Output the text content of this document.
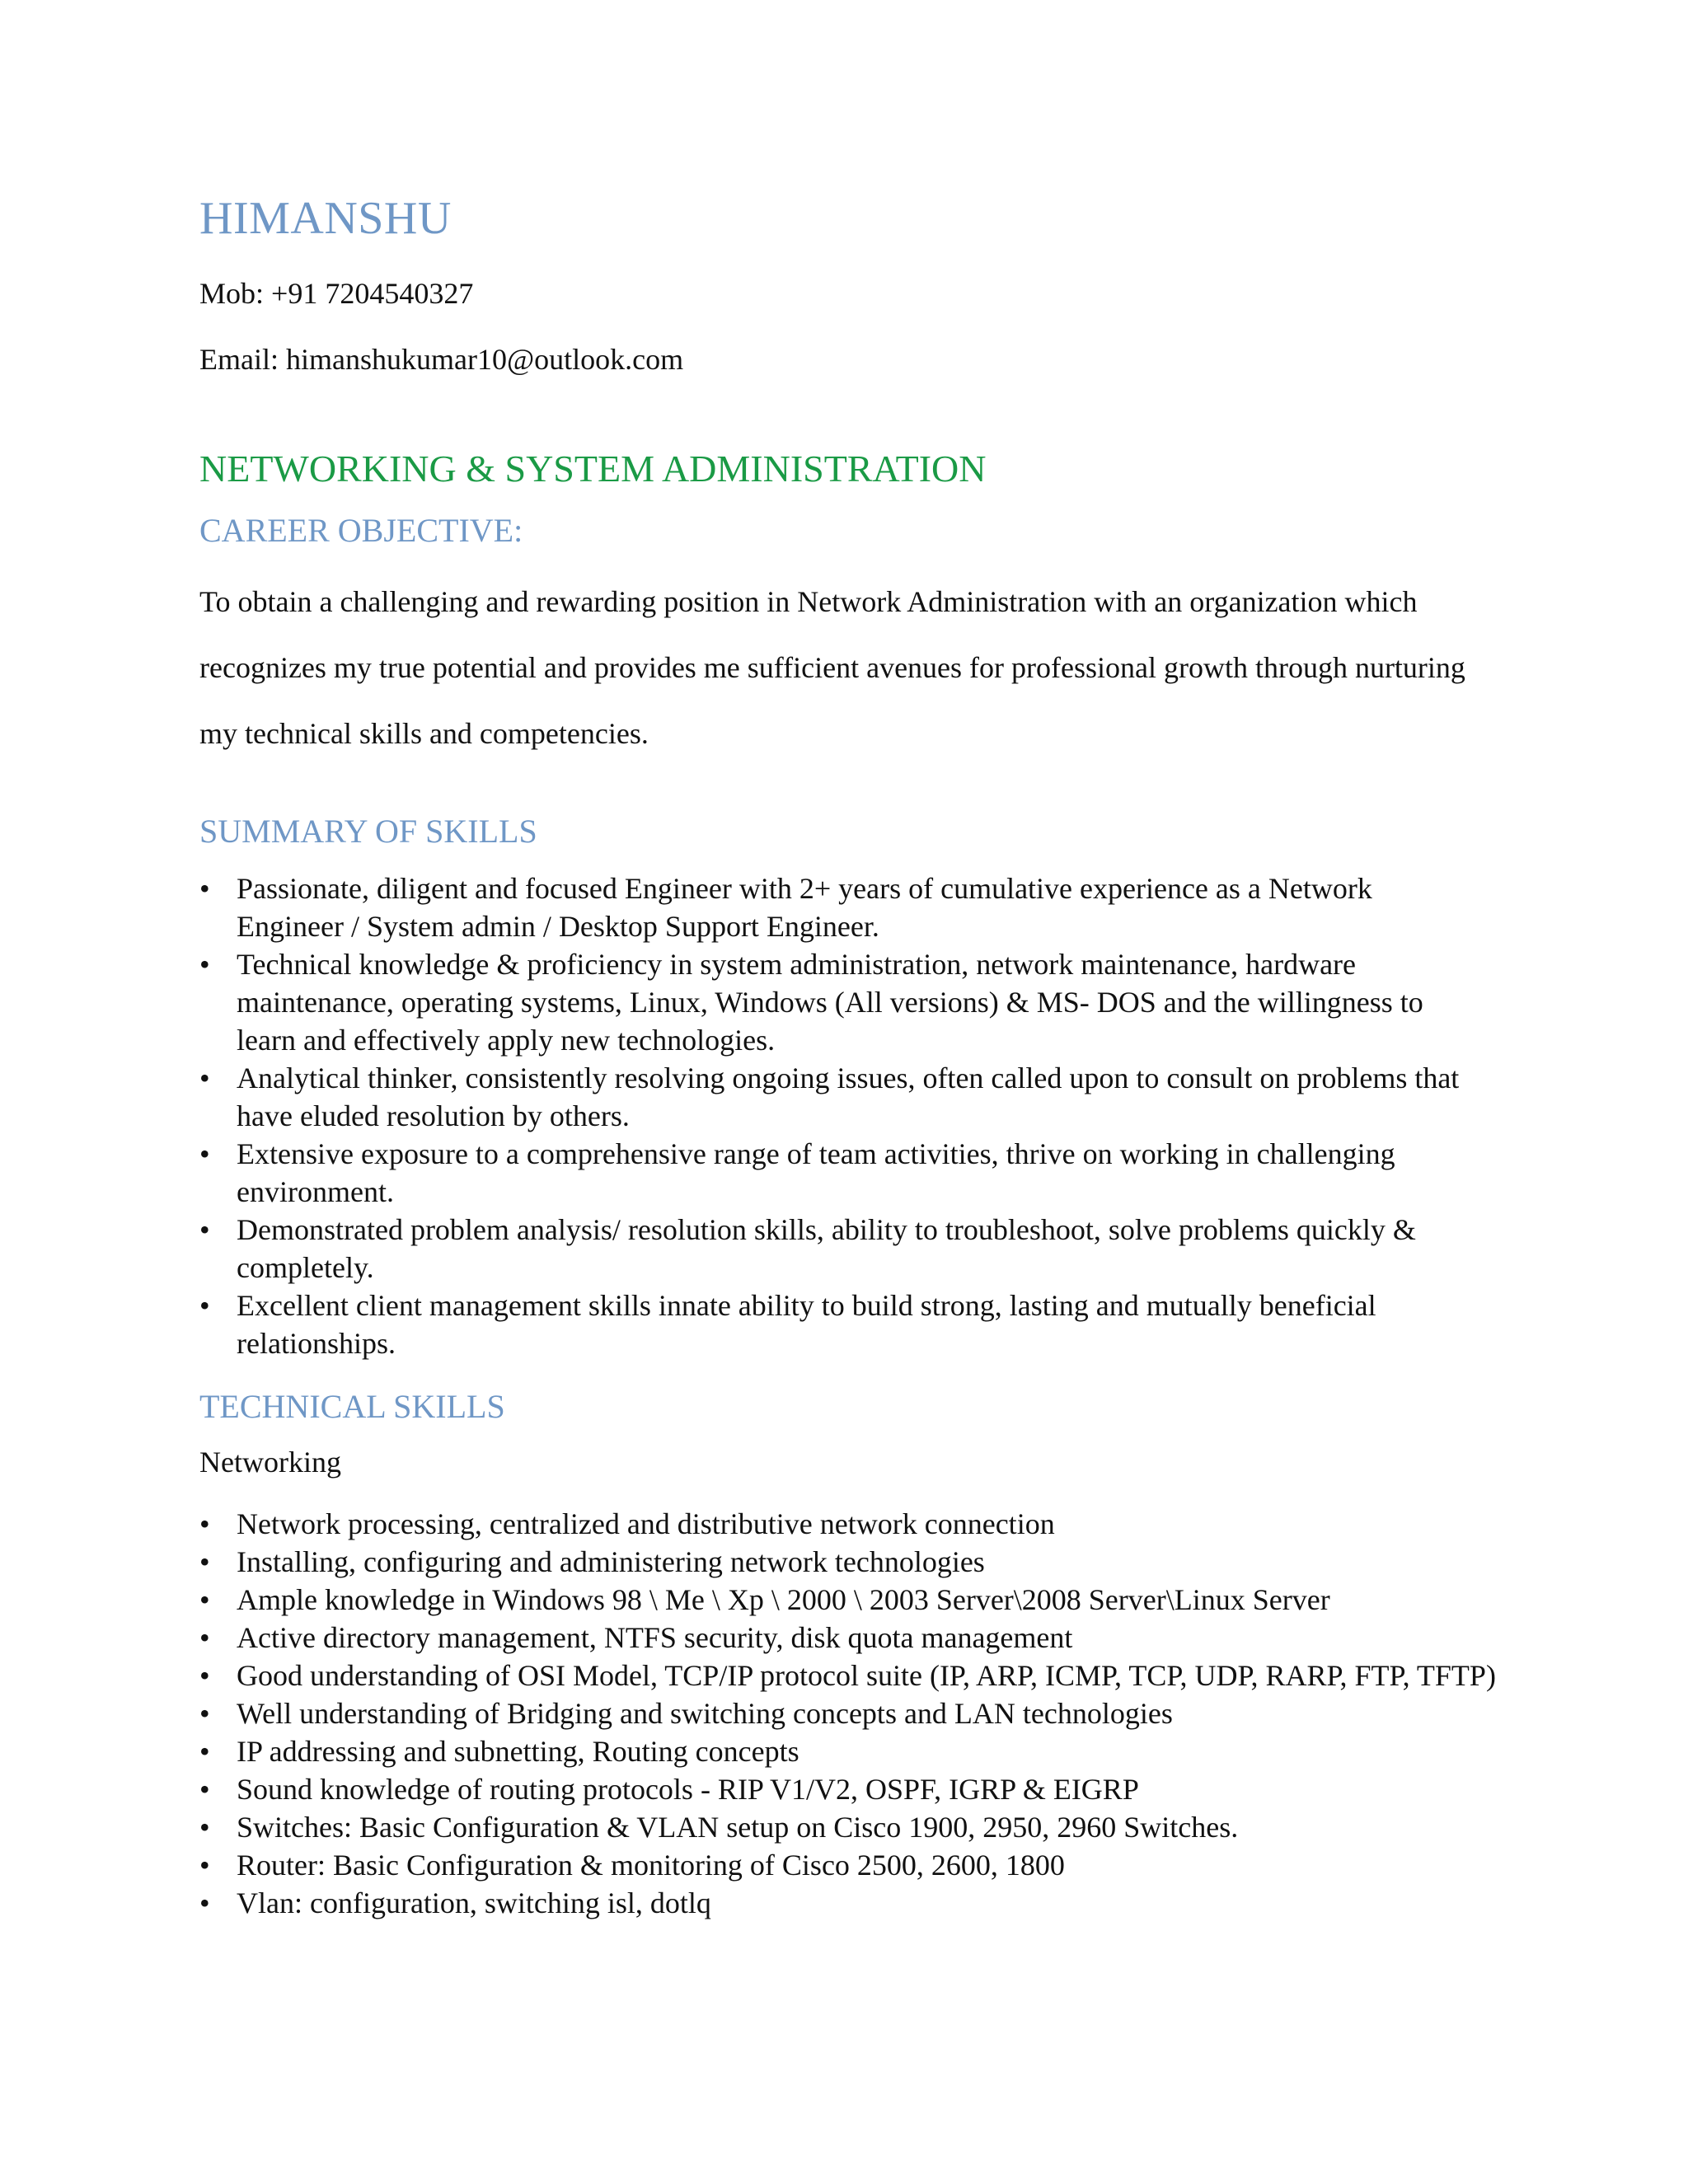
HIMANSHU
Mob: +91 7204540327
Email: himanshukumar10@outlook.com
NETWORKING & SYSTEM ADMINISTRATION
CAREER OBJECTIVE:
To obtain a challenging and rewarding position in Network Administration with an organization which recognizes my true potential and provides me sufficient avenues for professional growth through nurturing my technical skills and competencies.
SUMMARY OF SKILLS
• Passionate, diligent and focused Engineer with 2+ years of cumulative experience as a Network Engineer / System admin / Desktop Support Engineer.
• Technical knowledge & proficiency in system administration, network maintenance, hardware maintenance, operating systems, Linux, Windows (All versions) & MS- DOS and the willingness to learn and effectively apply new technologies.
• Analytical thinker, consistently resolving ongoing issues, often called upon to consult on problems that have eluded resolution by others.
• Extensive exposure to a comprehensive range of team activities, thrive on working in challenging environment.
• Demonstrated problem analysis/ resolution skills, ability to troubleshoot, solve problems quickly & completely.
• Excellent client management skills innate ability to build strong, lasting and mutually beneficial relationships.
TECHNICAL SKILLS
Networking
• Network processing, centralized and distributive network connection
• Installing, configuring and administering network technologies
• Ample knowledge in Windows 98 \ Me \ Xp \ 2000 \ 2003 Server\2008 Server\Linux Server
• Active directory management, NTFS security, disk quota management
• Good understanding of OSI Model, TCP/IP protocol suite (IP, ARP, ICMP, TCP, UDP, RARP, FTP, TFTP)
• Well understanding of Bridging and switching concepts and LAN technologies
• IP addressing and subnetting, Routing concepts
• Sound knowledge of routing protocols - RIP V1/V2, OSPF, IGRP & EIGRP
• Switches: Basic Configuration & VLAN setup on Cisco 1900, 2950, 2960 Switches.
• Router: Basic Configuration & monitoring of Cisco 2500, 2600, 1800
• Vlan: configuration, switching isl, dotlq
